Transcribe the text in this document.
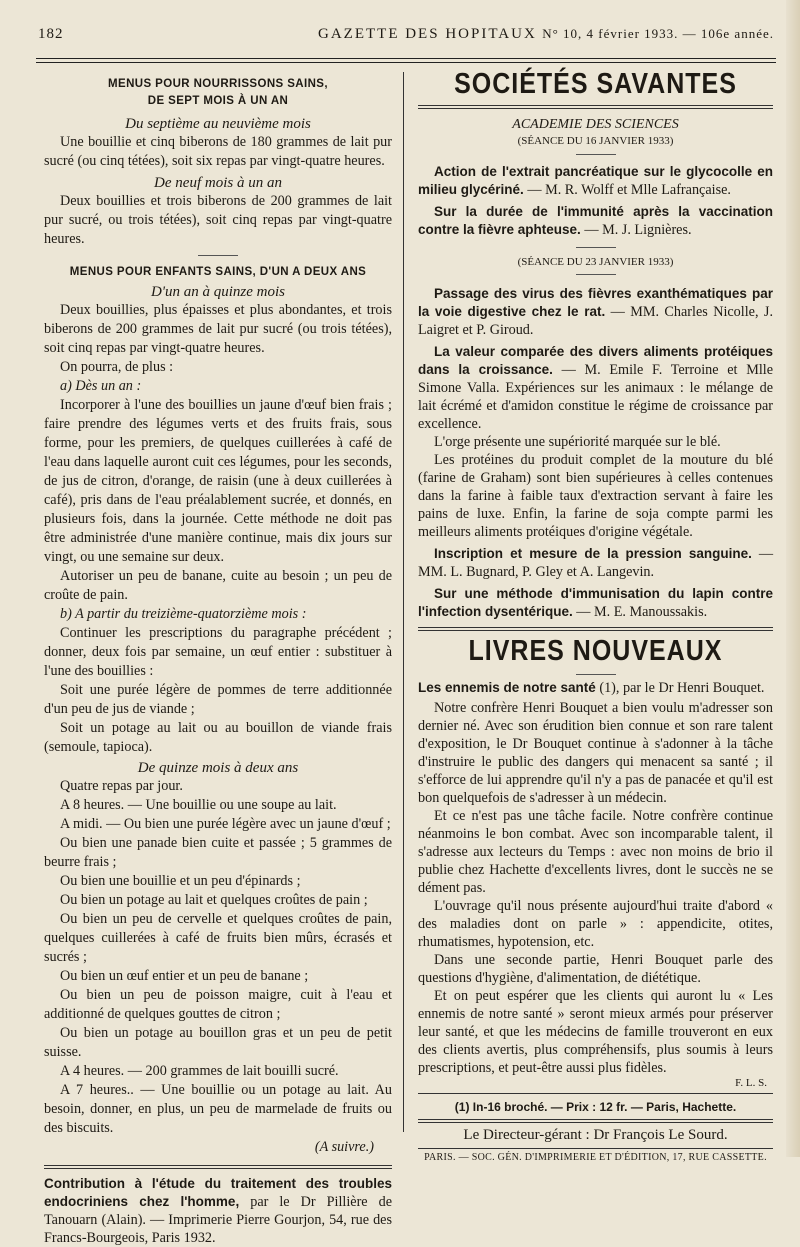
182	GAZETTE DES HOPITAUX N° 10, 4 février 1933. — 106e année.

MENUS POUR NOURRISSONS SAINS,

DE SEPT MOIS À UN AN

Du septième au neuvième mois

Une bouillie et cinq biberons de 180 grammes de lait pur sucré (ou cinq tétées), soit six repas par vingt-quatre heures.

De neuf mois à un an

Deux bouillies et trois biberons de 200 grammes de lait pur sucré, ou trois tétées), soit cinq repas par vingt-quatre heures.

MENUS POUR ENFANTS SAINS, D'UN A DEUX ANS

D'un an à quinze mois

Deux bouillies, plus épaisses et plus abondantes, et trois biberons de 200 grammes de lait pur sucré (ou trois tétées), soit cinq repas par vingt-quatre heures.

On pourra, de plus :

a) Dès un an :

Incorporer à l'une des bouillies un jaune d'œuf bien frais ; faire prendre des légumes verts et des fruits frais, sous forme, pour les premiers, de quelques cuillerées à café de l'eau dans laquelle auront cuit ces légumes, pour les seconds, de jus de citron, d'orange, de raisin (une à deux cuillerées à café), pris dans de l'eau préalablement sucrée, et donnés, en plusieurs fois, dans la journée. Cette méthode ne doit pas être administrée d'une manière continue, mais dix jours sur vingt, ou une semaine sur deux.

Autoriser un peu de banane, cuite au besoin ; un peu de croûte de pain.

b) A partir du treizième-quatorzième mois :

Continuer les prescriptions du paragraphe précédent ; donner, deux fois par semaine, un œuf entier : substituer à l'une des bouillies :

Soit une purée légère de pommes de terre additionnée d'un peu de jus de viande ;

Soit un potage au lait ou au bouillon de viande frais (semoule, tapioca).

De quinze mois à deux ans

Quatre repas par jour.

A 8 heures. — Une bouillie ou une soupe au lait.

A midi. — Ou bien une purée légère avec un jaune d'œuf ;

Ou bien une panade bien cuite et passée ; 5 grammes de beurre frais ;

Ou bien une bouillie et un peu d'épinards ;

Ou bien un potage au lait et quelques croûtes de pain ;

Ou bien un peu de cervelle et quelques croûtes de pain, quelques cuillerées à café de fruits bien mûrs, écrasés et sucrés ;

Ou bien un œuf entier et un peu de banane ;

Ou bien un peu de poisson maigre, cuit à l'eau et additionné de quelques gouttes de citron ;

Ou bien un potage au bouillon gras et un peu de petit suisse.

A 4 heures. — 200 grammes de lait bouilli sucré.

A 7 heures.. — Une bouillie ou un potage au lait. Au besoin, donner, en plus, un peu de marmelade de fruits ou des biscuits.

(A suivre.)

Contribution à l'étude du traitement des troubles endocriniens chez l'homme, par le Dr Pillière de Tanouarn (Alain). — Imprimerie Pierre Gourjon, 54, rue des Francs-Bourgeois, Paris 1932.

SOCIÉTÉS SAVANTES

ACADEMIE DES SCIENCES

(SÉANCE DU 16 JANVIER 1933)

Action de l'extrait pancréatique sur le glycocolle en milieu glycériné. — M. R. Wolff et Mlle Lafrançaise.

Sur la durée de l'immunité après la vaccination contre la fièvre aphteuse. — M. J. Lignières.

(SÉANCE DU 23 JANVIER 1933)

Passage des virus des fièvres exanthématiques par la voie digestive chez le rat. — MM. Charles Nicolle, J. Laigret et P. Giroud.

La valeur comparée des divers aliments protéiques dans la croissance. — M. Emile F. Terroine et Mlle Simone Valla. Expériences sur les animaux : le mélange de lait écrémé et d'amidon constitue le régime de croissance par excellence.

L'orge présente une supériorité marquée sur le blé.

Les protéines du produit complet de la mouture du blé (farine de Graham) sont bien supérieures à celles contenues dans la farine à faible taux d'extraction servant à faire les pains de luxe. Enfin, la farine de soja compte parmi les meilleurs aliments protéiques d'origine végétale.

Inscription et mesure de la pression sanguine. — MM. L. Bugnard, P. Gley et A. Langevin.

Sur une méthode d'immunisation du lapin contre l'infection dysentérique. — M. E. Manoussakis.

LIVRES NOUVEAUX

Les ennemis de notre santé (1), par le Dr Henri Bouquet.

Notre confrère Henri Bouquet a bien voulu m'adresser son dernier né. Avec son érudition bien connue et son rare talent d'exposition, le Dr Bouquet continue à s'adonner à la tâche d'instruire le public des dangers qui menacent sa santé ; il s'efforce de lui apprendre qu'il n'y a pas de panacée et qu'il est bon quelquefois de s'adresser à un médecin.

Et ce n'est pas une tâche facile. Notre confrère continue néanmoins le bon combat. Avec son incomparable talent, il s'adresse aux lecteurs du Temps : avec non moins de brio il publie chez Hachette d'excellents livres, dont le succès ne se dément pas.

L'ouvrage qu'il nous présente aujourd'hui traite d'abord « des maladies dont on parle » : appendicite, otites, rhumatismes, hypotension, etc.

Dans une seconde partie, Henri Bouquet parle des questions d'hygiène, d'alimentation, de diététique.

Et on peut espérer que les clients qui auront lu « Les ennemis de notre santé » seront mieux armés pour préserver leur santé, et que les médecins de famille trouveront en eux des clients avertis, plus compréhensifs, plus soumis à leurs prescriptions, et peut-être aussi plus fidèles.

F. L. S.

(1) In-16 broché. — Prix : 12 fr. — Paris, Hachette.

Le Directeur-gérant : Dr François Le Sourd.

PARIS. — SOC. GÉN. D'IMPRIMERIE ET D'ÉDITION, 17, RUE CASSETTE.
